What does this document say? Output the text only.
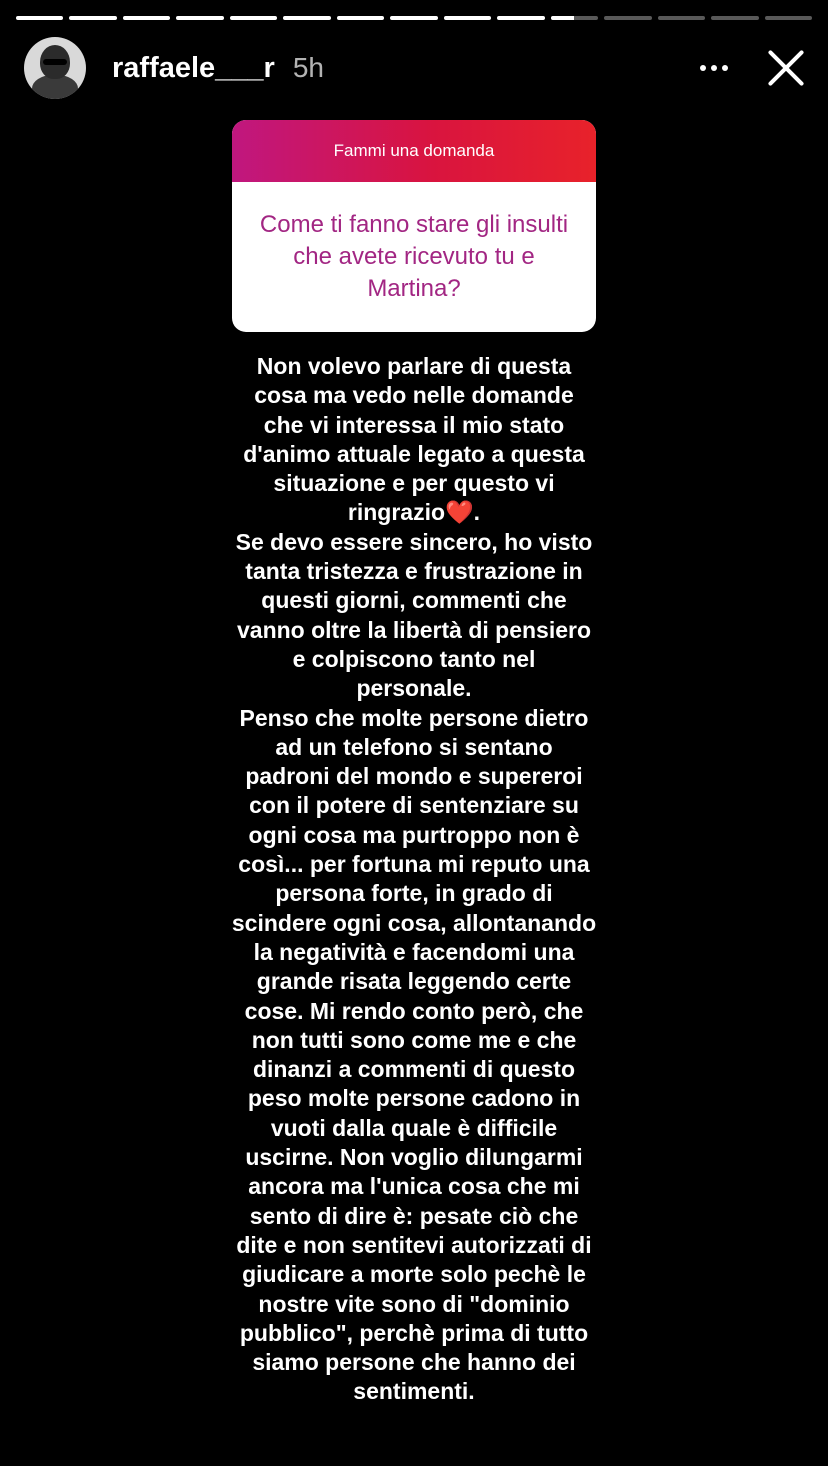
raffaele___r 5h
Fammi una domanda
Come ti fanno stare gli insulti che avete ricevuto tu e Martina?
Non volevo parlare di questa
cosa ma vedo nelle domande
che vi interessa il mio stato
d'animo attuale legato a questa
situazione e per questo vi
ringrazio❤️.
Se devo essere sincero, ho visto
tanta tristezza e frustrazione in
questi giorni, commenti che
vanno oltre la libertà di pensiero
e colpiscono tanto nel
personale.
Penso che molte persone dietro
ad un telefono si sentano
padroni del mondo e supereroi
con il potere di sentenziare su
ogni cosa ma purtroppo non è
così... per fortuna mi reputo una
persona forte, in grado di
scindere ogni cosa, allontanando
la negatività e facendomi una
grande risata leggendo certe
cose. Mi rendo conto però, che
non tutti sono come me e che
dinanzi a commenti di questo
peso molte persone cadono in
vuoti dalla quale è difficile
uscirne. Non voglio dilungarmi
ancora ma l'unica cosa che mi
sento di dire è: pesate ciò che
dite e non sentitevi autorizzati di
giudicare a morte solo pechè le
nostre vite sono di "dominio
pubblico", perchè prima di tutto
siamo persone che hanno dei
sentimenti.
